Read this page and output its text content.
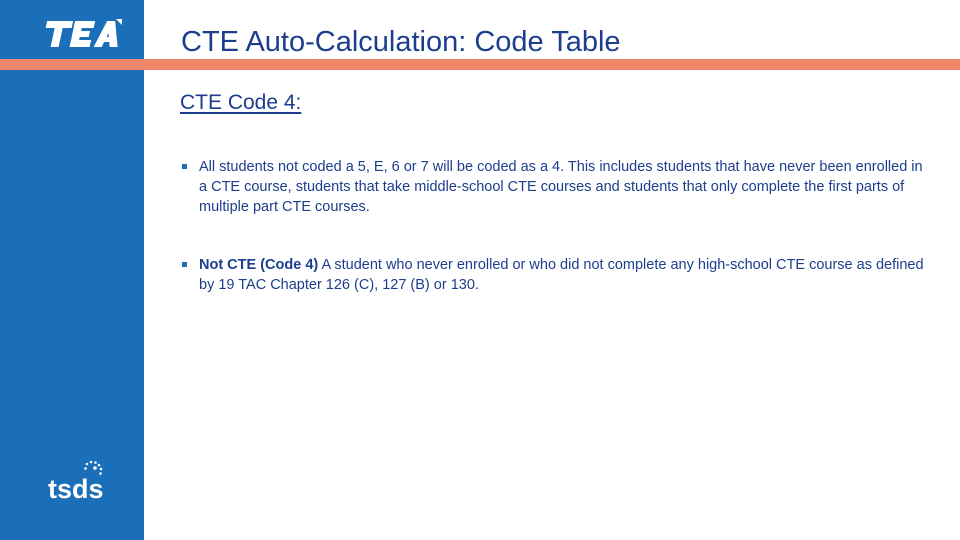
tsds
CTE Auto-Calculation: Code Table
CTE Code 4:
All students not coded a 5, E, 6 or 7 will be coded as a 4. This includes students that have never been enrolled in a CTE course, students that take middle-school CTE courses and students that only complete the first parts of multiple part CTE courses.
Not CTE (Code 4) A student who never enrolled or who did not complete any high-school CTE course as defined by 19 TAC Chapter 126 (C), 127 (B) or 130.
